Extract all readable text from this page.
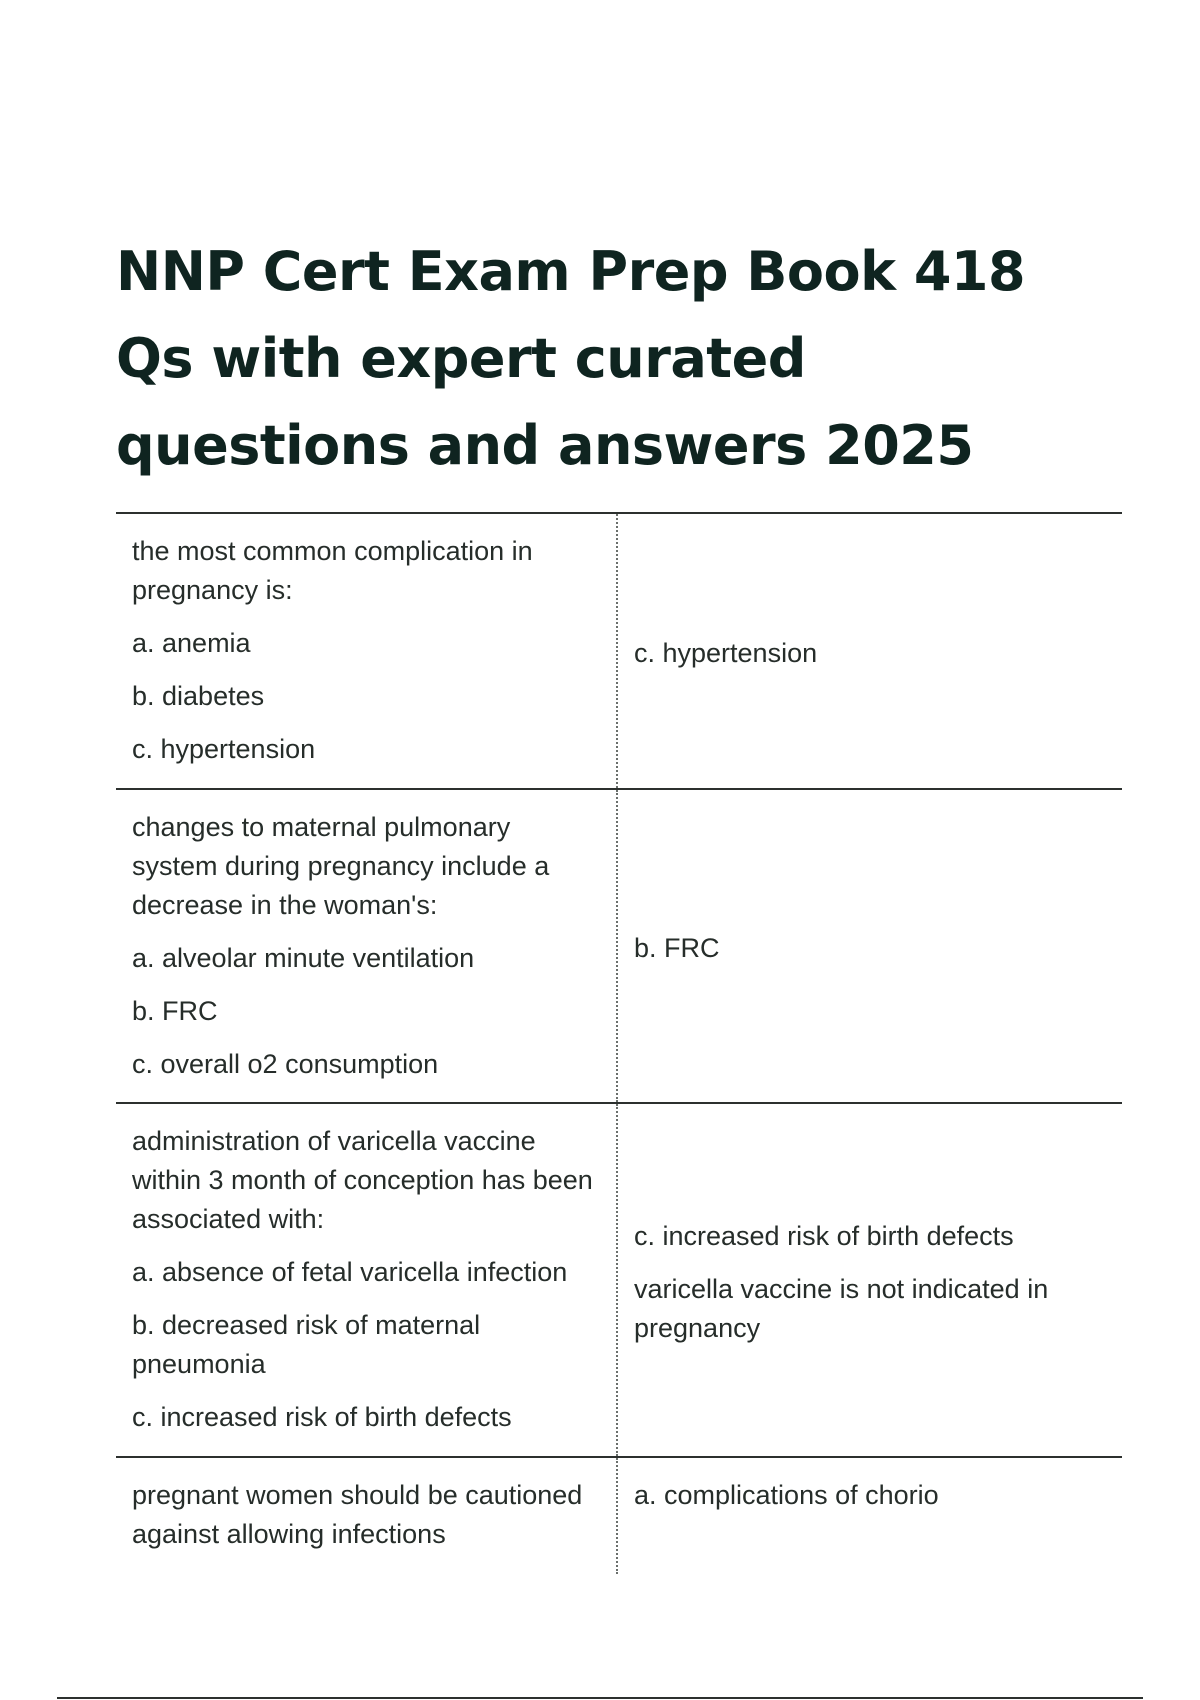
NNP Cert Exam Prep Book 418 Qs with expert curated questions and answers 2025

the most common complication in pregnancy is:

a. anemia

b. diabetes

c. hypertension

c. hypertension

changes to maternal pulmonary system during pregnancy include a decrease in the woman's:

a. alveolar minute ventilation

b. FRC

c. overall o2 consumption

b. FRC

administration of varicella vaccine within 3 month of conception has been associated with:

a. absence of fetal varicella infection

b. decreased risk of maternal pneumonia

c. increased risk of birth defects

c. increased risk of birth defects

varicella vaccine is not indicated in pregnancy

pregnant women should be cautioned against allowing infections

a. complications of chorio
